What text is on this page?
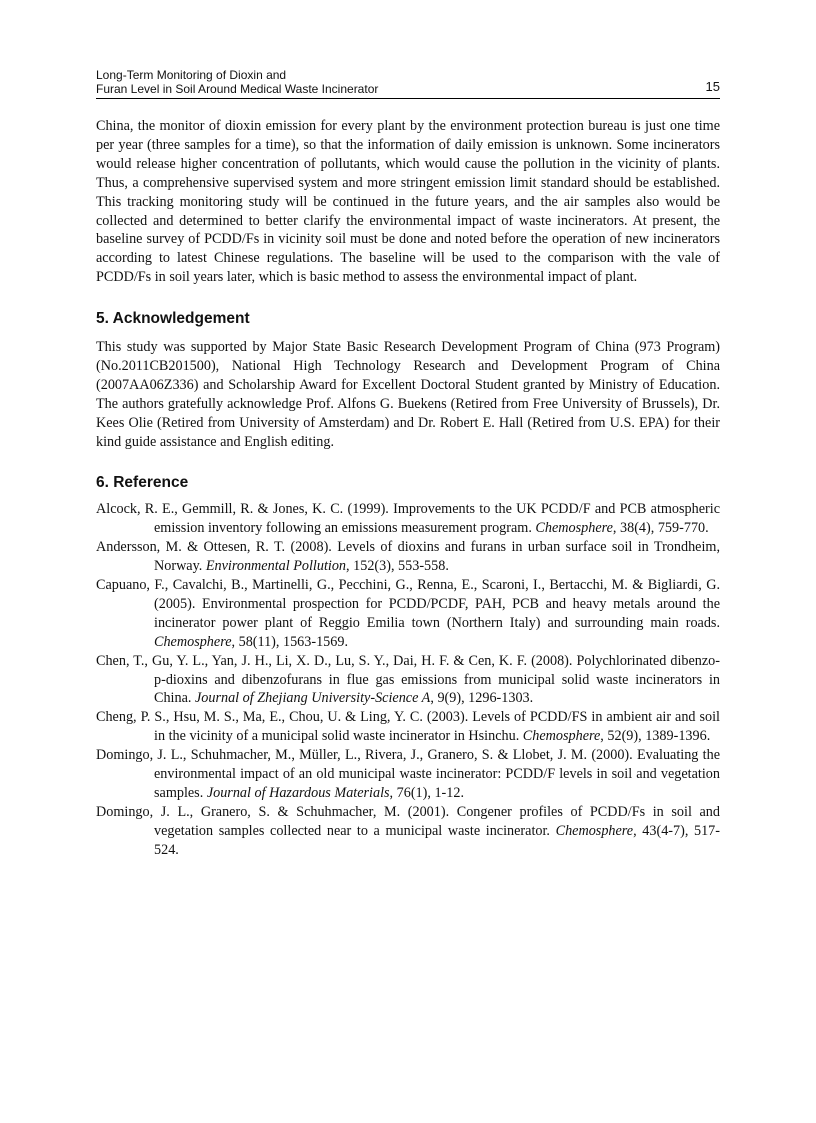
Long-Term Monitoring of Dioxin and
Furan Level in Soil Around Medical Waste Incinerator	15

China, the monitor of dioxin emission for every plant by the environment protection bureau is just one time per year (three samples for a time), so that the information of daily emission is unknown. Some incinerators would release higher concentration of pollutants, which would cause the pollution in the vicinity of plants. Thus, a comprehensive supervised system and more stringent emission limit standard should be established. This tracking monitoring study will be continued in the future years, and the air samples also would be collected and determined to better clarify the environmental impact of waste incinerators. At present, the baseline survey of PCDD/Fs in vicinity soil must be done and noted before the operation of new incinerators according to latest Chinese regulations. The baseline will be used to the comparison with the vale of PCDD/Fs in soil years later, which is basic method to assess the environmental impact of plant.

5. Acknowledgement

This study was supported by Major State Basic Research Development Program of China (973 Program) (No.2011CB201500), National High Technology Research and Development Program of China (2007AA06Z336) and Scholarship Award for Excellent Doctoral Student granted by Ministry of Education. The authors gratefully acknowledge Prof. Alfons G. Buekens (Retired from Free University of Brussels), Dr. Kees Olie (Retired from University of Amsterdam) and Dr. Robert E. Hall (Retired from U.S. EPA) for their kind guide assistance and English editing.

6. Reference

Alcock, R. E., Gemmill, R. & Jones, K. C. (1999). Improvements to the UK PCDD/F and PCB atmospheric emission inventory following an emissions measurement program. Chemosphere, 38(4), 759-770.

Andersson, M. & Ottesen, R. T. (2008). Levels of dioxins and furans in urban surface soil in Trondheim, Norway. Environmental Pollution, 152(3), 553-558.

Capuano, F., Cavalchi, B., Martinelli, G., Pecchini, G., Renna, E., Scaroni, I., Bertacchi, M. & Bigliardi, G. (2005). Environmental prospection for PCDD/PCDF, PAH, PCB and heavy metals around the incinerator power plant of Reggio Emilia town (Northern Italy) and surrounding main roads. Chemosphere, 58(11), 1563-1569.

Chen, T., Gu, Y. L., Yan, J. H., Li, X. D., Lu, S. Y., Dai, H. F. & Cen, K. F. (2008). Polychlorinated dibenzo-p-dioxins and dibenzofurans in flue gas emissions from municipal solid waste incinerators in China. Journal of Zhejiang University-Science A, 9(9), 1296-1303.

Cheng, P. S., Hsu, M. S., Ma, E., Chou, U. & Ling, Y. C. (2003). Levels of PCDD/FS in ambient air and soil in the vicinity of a municipal solid waste incinerator in Hsinchu. Chemosphere, 52(9), 1389-1396.

Domingo, J. L., Schuhmacher, M., Müller, L., Rivera, J., Granero, S. & Llobet, J. M. (2000). Evaluating the environmental impact of an old municipal waste incinerator: PCDD/F levels in soil and vegetation samples. Journal of Hazardous Materials, 76(1), 1-12.

Domingo, J. L., Granero, S. & Schuhmacher, M. (2001). Congener profiles of PCDD/Fs in soil and vegetation samples collected near to a municipal waste incinerator. Chemosphere, 43(4-7), 517-524.
